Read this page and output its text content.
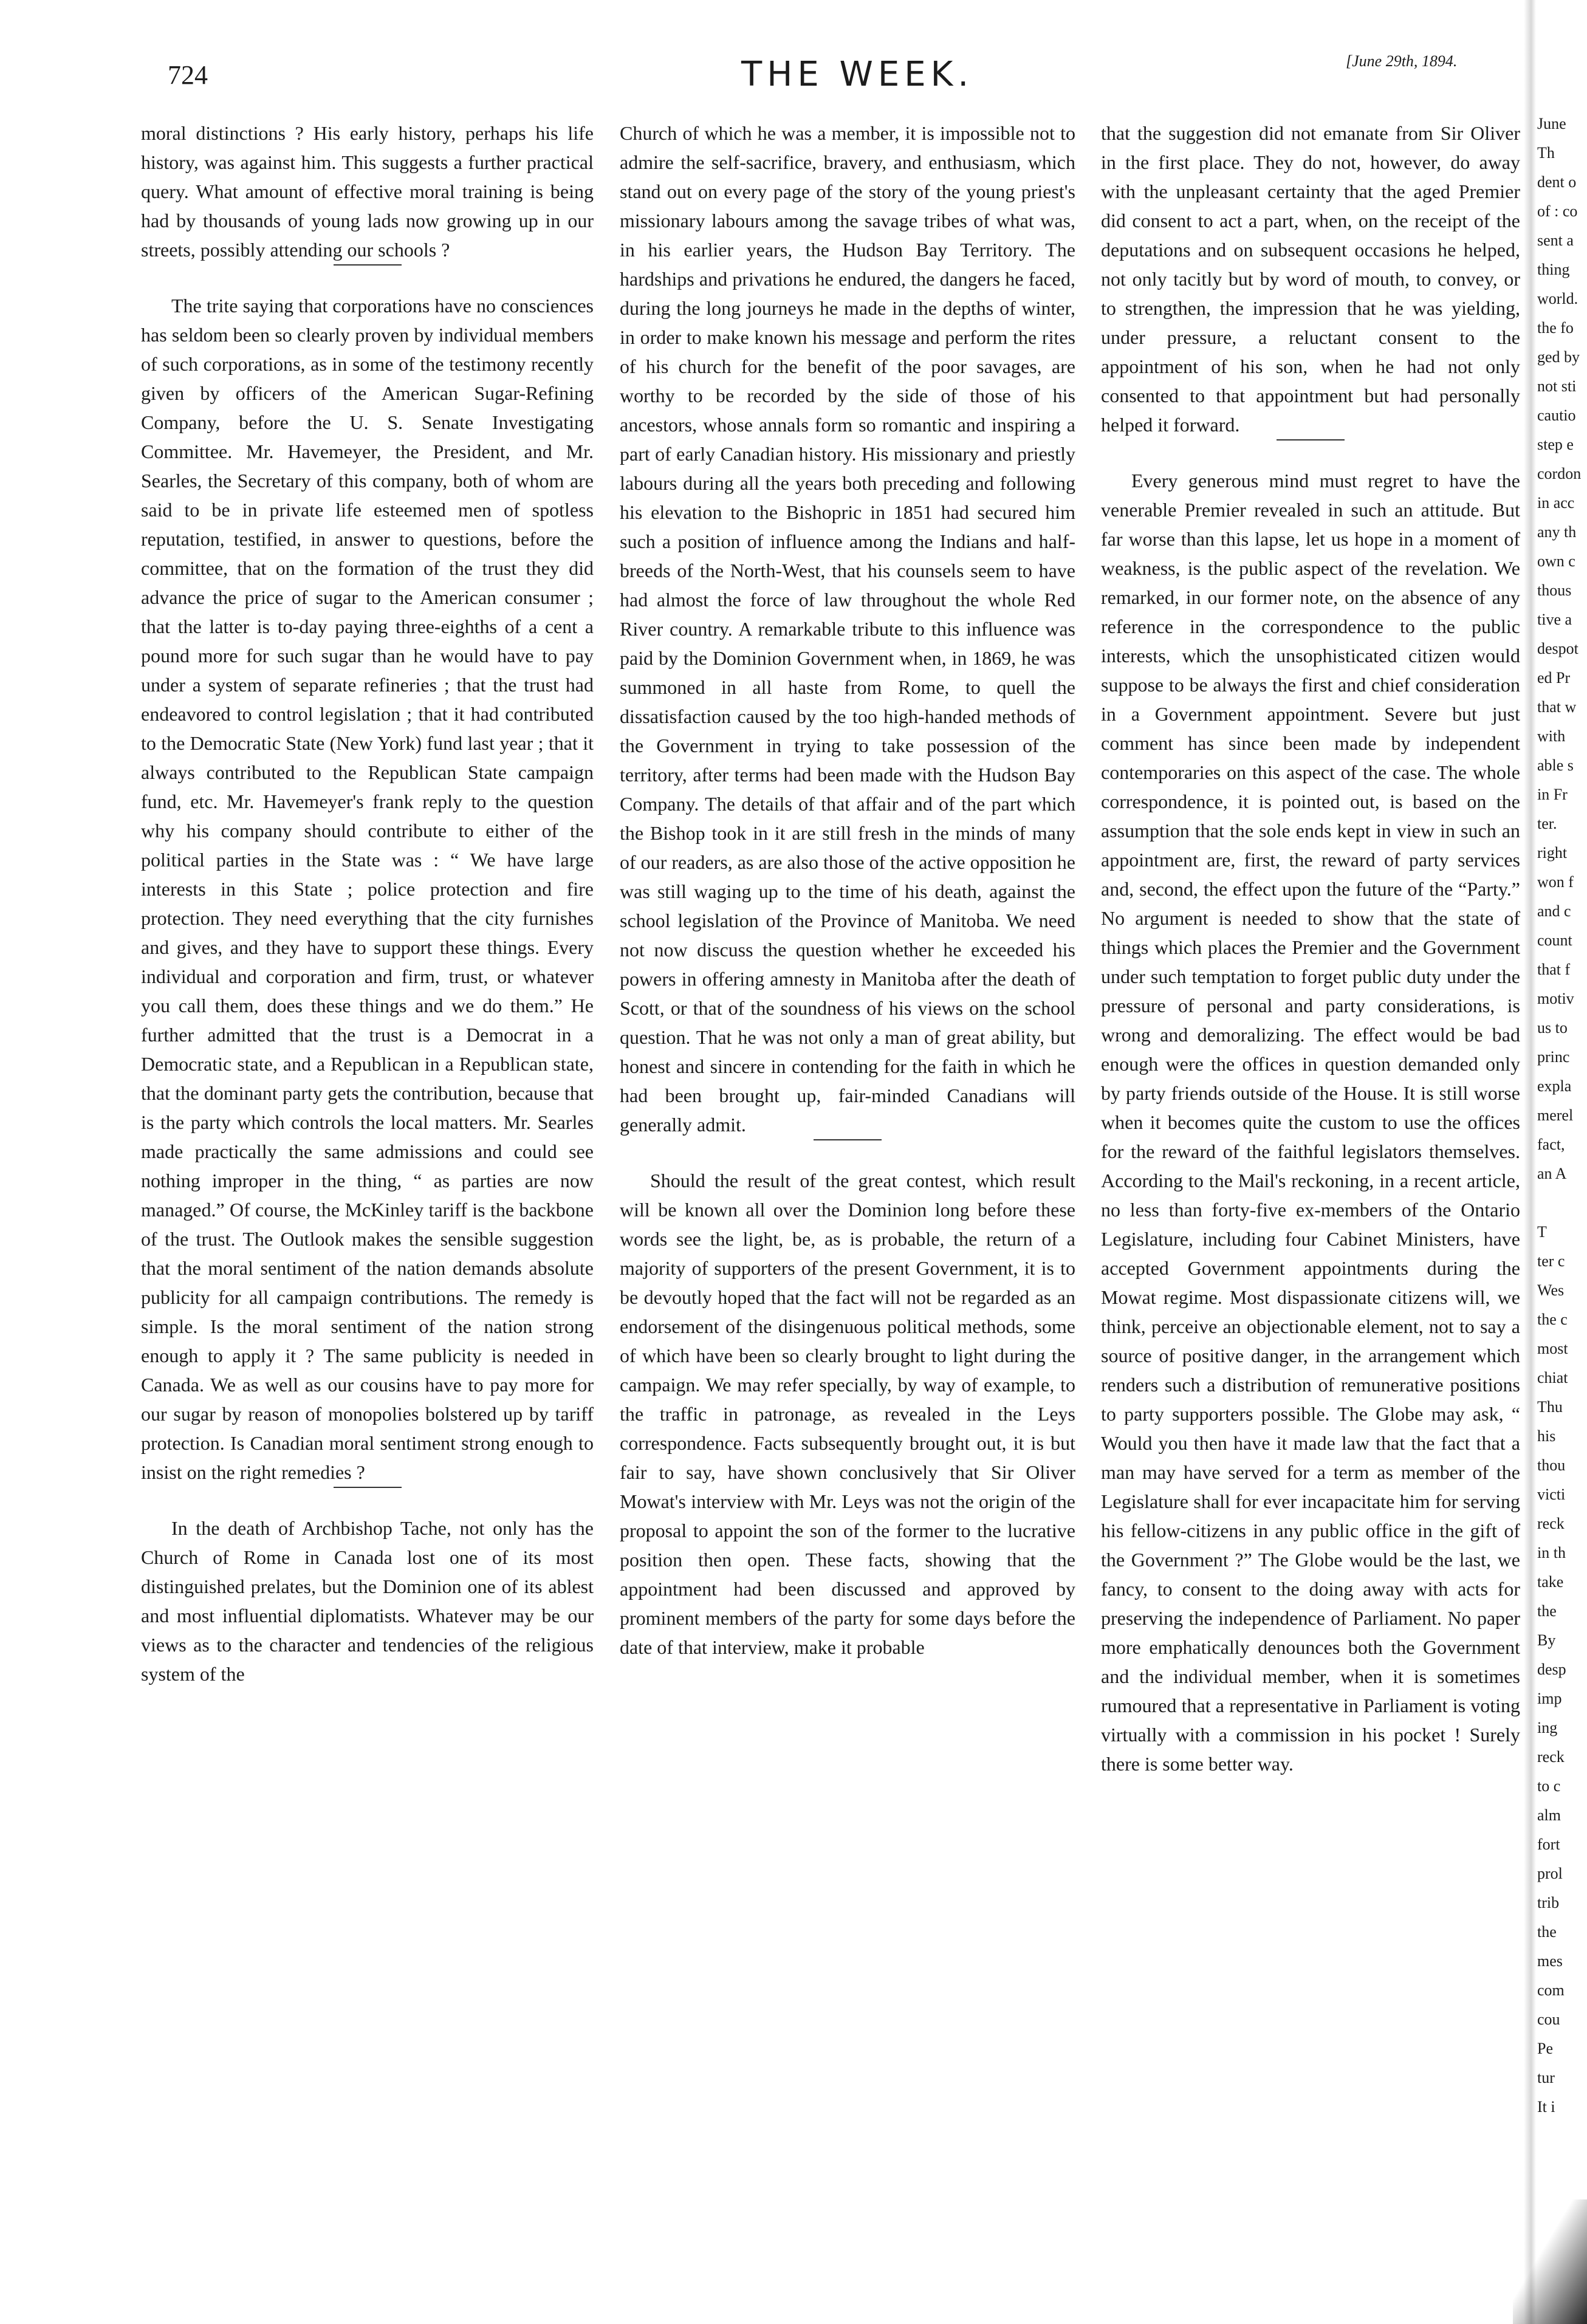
724	THE WEEK.	[June 29th, 1894.

moral distinctions ? His early history, perhaps his life history, was against him. This suggests a further practical query. What amount of effective moral training is being had by thousands of young lads now growing up in our streets, possibly attending our schools ?

The trite saying that corporations have no consciences has seldom been so clearly proven by individual members of such corporations, as in some of the testimony recently given by officers of the American Sugar-Refining Company, before the U. S. Senate Investigating Committee. Mr. Havemeyer, the President, and Mr. Searles, the Secretary of this company, both of whom are said to be in private life esteemed men of spotless reputation, testified, in answer to questions, before the committee, that on the formation of the trust they did advance the price of sugar to the American consumer ; that the latter is to-day paying three-eighths of a cent a pound more for such sugar than he would have to pay under a system of separate refineries ; that the trust had endeavored to control legislation ; that it had contributed to the Democratic State (New York) fund last year ; that it always contributed to the Republican State campaign fund, etc. Mr. Havemeyer's frank reply to the question why his company should contribute to either of the political parties in the State was : “ We have large interests in this State ; police protection and fire protection. They need everything that the city furnishes and gives, and they have to support these things. Every individual and corporation and firm, trust, or whatever you call them, does these things and we do them.” He further admitted that the trust is a Democrat in a Democratic state, and a Republican in a Republican state, that the dominant party gets the contribution, because that is the party which controls the local matters. Mr. Searles made practically the same admissions and could see nothing improper in the thing, “ as parties are now managed.” Of course, the McKinley tariff is the backbone of the trust. The Outlook makes the sensible suggestion that the moral sentiment of the nation demands absolute publicity for all campaign contributions. The remedy is simple. Is the moral sentiment of the nation strong enough to apply it ? The same publicity is needed in Canada. We as well as our cousins have to pay more for our sugar by reason of monopolies bolstered up by tariff protection. Is Canadian moral sentiment strong enough to insist on the right remedies ?

In the death of Archbishop Tache, not only has the Church of Rome in Canada lost one of its most distinguished prelates, but the Dominion one of its ablest and most influential diplomatists. Whatever may be our views as to the character and tendencies of the religious system of the

Church of which he was a member, it is impossible not to admire the self-sacrifice, bravery, and enthusiasm, which stand out on every page of the story of the young priest's missionary labours among the savage tribes of what was, in his earlier years, the Hudson Bay Territory. The hardships and privations he endured, the dangers he faced, during the long journeys he made in the depths of winter, in order to make known his message and perform the rites of his church for the benefit of the poor savages, are worthy to be recorded by the side of those of his ancestors, whose annals form so romantic and inspiring a part of early Canadian history. His missionary and priestly labours during all the years both preceding and following his elevation to the Bishopric in 1851 had secured him such a position of influence among the Indians and half-breeds of the North-West, that his counsels seem to have had almost the force of law throughout the whole Red River country. A remarkable tribute to this influence was paid by the Dominion Government when, in 1869, he was summoned in all haste from Rome, to quell the dissatisfaction caused by the too high-handed methods of the Government in trying to take possession of the territory, after terms had been made with the Hudson Bay Company. The details of that affair and of the part which the Bishop took in it are still fresh in the minds of many of our readers, as are also those of the active opposition he was still waging up to the time of his death, against the school legislation of the Province of Manitoba. We need not now discuss the question whether he exceeded his powers in offering amnesty in Manitoba after the death of Scott, or that of the soundness of his views on the school question. That he was not only a man of great ability, but honest and sincere in contending for the faith in which he had been brought up, fair-minded Canadians will generally admit.

Should the result of the great contest, which result will be known all over the Dominion long before these words see the light, be, as is probable, the return of a majority of supporters of the present Government, it is to be devoutly hoped that the fact will not be regarded as an endorsement of the disingenuous political methods, some of which have been so clearly brought to light during the campaign. We may refer specially, by way of example, to the traffic in patronage, as revealed in the Leys correspondence. Facts subsequently brought out, it is but fair to say, have shown conclusively that Sir Oliver Mowat's interview with Mr. Leys was not the origin of the proposal to appoint the son of the former to the lucrative position then open. These facts, showing that the appointment had been discussed and approved by prominent members of the party for some days before the date of that interview, make it probable

that the suggestion did not emanate from Sir Oliver in the first place. They do not, however, do away with the unpleasant certainty that the aged Premier did consent to act a part, when, on the receipt of the deputations and on subsequent occasions he helped, not only tacitly but by word of mouth, to convey, or to strengthen, the impression that he was yielding, under pressure, a reluctant consent to the appointment of his son, when he had not only consented to that appointment but had personally helped it forward.

Every generous mind must regret to have the venerable Premier revealed in such an attitude. But far worse than this lapse, let us hope in a moment of weakness, is the public aspect of the revelation. We remarked, in our former note, on the absence of any reference in the correspondence to the public interests, which the unsophisticated citizen would suppose to be always the first and chief consideration in a Government appointment. Severe but just comment has since been made by independent contemporaries on this aspect of the case. The whole correspondence, it is pointed out, is based on the assumption that the sole ends kept in view in such an appointment are, first, the reward of party services and, second, the effect upon the future of the “Party.” No argument is needed to show that the state of things which places the Premier and the Government under such temptation to forget public duty under the pressure of personal and party considerations, is wrong and demoralizing. The effect would be bad enough were the offices in question demanded only by party friends outside of the House. It is still worse when it becomes quite the custom to use the offices for the reward of the faithful legislators themselves. According to the Mail's reckoning, in a recent article, no less than forty-five ex-members of the Ontario Legislature, including four Cabinet Ministers, have accepted Government appointments during the Mowat regime. Most dispassionate citizens will, we think, perceive an objectionable element, not to say a source of positive danger, in the arrangement which renders such a distribution of remunerative positions to party supporters possible. The Globe may ask, “ Would you then have it made law that the fact that a man may have served for a term as member of the Legislature shall for ever incapacitate him for serving his fellow-citizens in any public office in the gift of the Government ?” The Globe would be the last, we fancy, to consent to the doing away with acts for preserving the independence of Parliament. No paper more emphatically denounces both the Government and the individual member, when it is sometimes rumoured that a representative in Parliament is voting virtually with a commission in his pocket ! Surely there is some better way.

June
Th
dent o
of : co
sent a
thing
world.
the fo
ged by
not sti
cautio
step e
cordon
in acc
any th
own c
thous
tive a
despot
ed Pr
that w
with
able s
in Fr
ter.
right
won f
and c
count
that f
motiv
us to
princ
expla
merel
fact,
an A

T
ter c
Wes
the c
most
chiat
Thu
his
thou
victi
reck
in th
take
the
By
desp
imp
ing
reck
to c
alm
fort
prol
trib
the
mes
com
cou
Pe
tur
It i
